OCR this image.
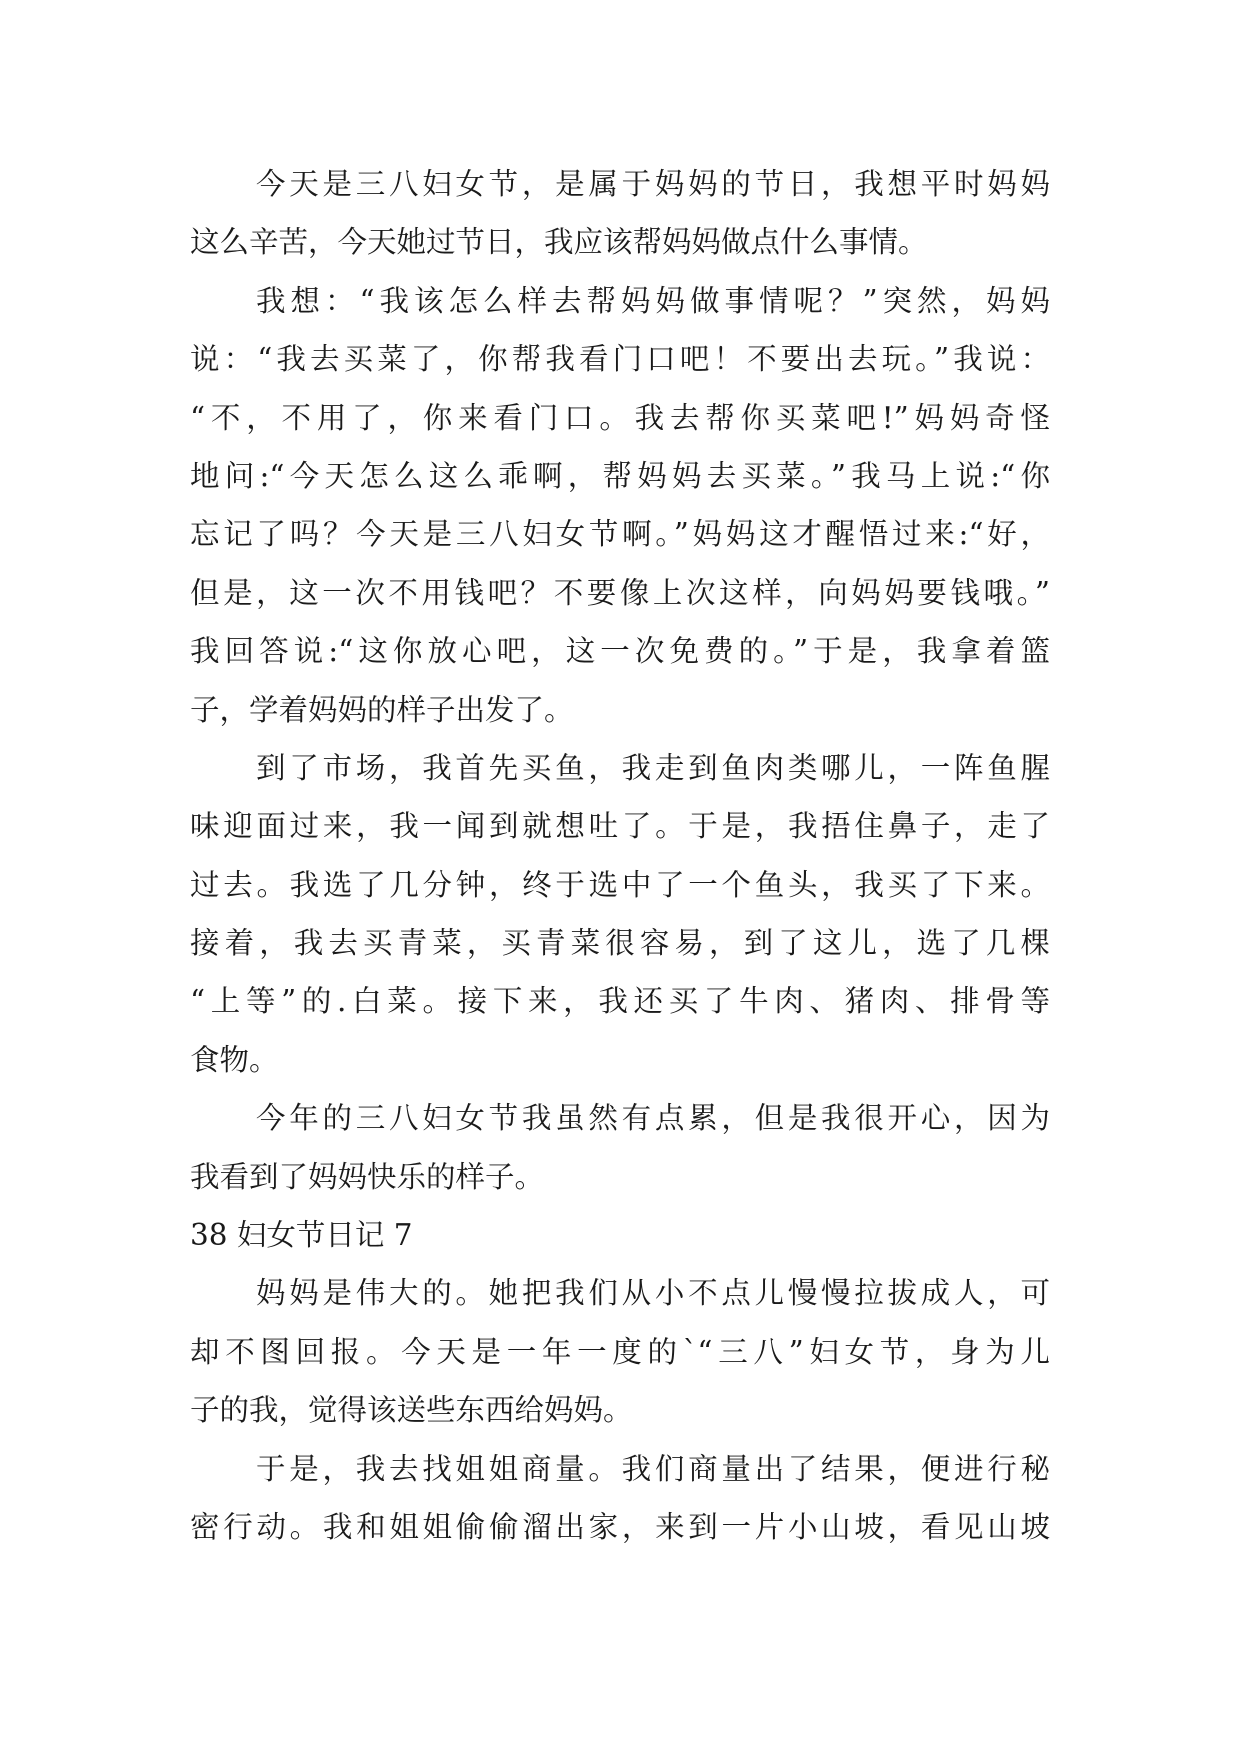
今天是三八妇女节，是属于妈妈的节日，我想平时妈妈
这么辛苦，今天她过节日，我应该帮妈妈做点什么事情。
我想：“我该怎么样去帮妈妈做事情呢？”突然，妈妈
说：“我去买菜了，你帮我看门口吧！不要出去玩。”我说：
“不，不用了，你来看门口。我去帮你买菜吧!”妈妈奇怪
地问:“今天怎么这么乖啊，帮妈妈去买菜。”我马上说:“你
忘记了吗？今天是三八妇女节啊。”妈妈这才醒悟过来:“好，
但是，这一次不用钱吧？不要像上次这样，向妈妈要钱哦。”
我回答说:“这你放心吧，这一次免费的。”于是，我拿着篮
子，学着妈妈的样子出发了。
到了市场，我首先买鱼，我走到鱼肉类哪儿，一阵鱼腥
味迎面过来，我一闻到就想吐了。于是，我捂住鼻子，走了
过去。我选了几分钟，终于选中了一个鱼头，我买了下来。
接着，我去买青菜，买青菜很容易，到了这儿，选了几棵
“上等”的.白菜。接下来，我还买了牛肉、猪肉、排骨等
食物。
今年的三八妇女节我虽然有点累，但是我很开心，因为
我看到了妈妈快乐的样子。
38 妇女节日记 7
妈妈是伟大的。她把我们从小不点儿慢慢拉拔成人，可
却不图回报。今天是一年一度的`“三八”妇女节，身为儿
子的我，觉得该送些东西给妈妈。
于是，我去找姐姐商量。我们商量出了结果，便进行秘
密行动。我和姐姐偷偷溜出家，来到一片小山坡，看见山坡
